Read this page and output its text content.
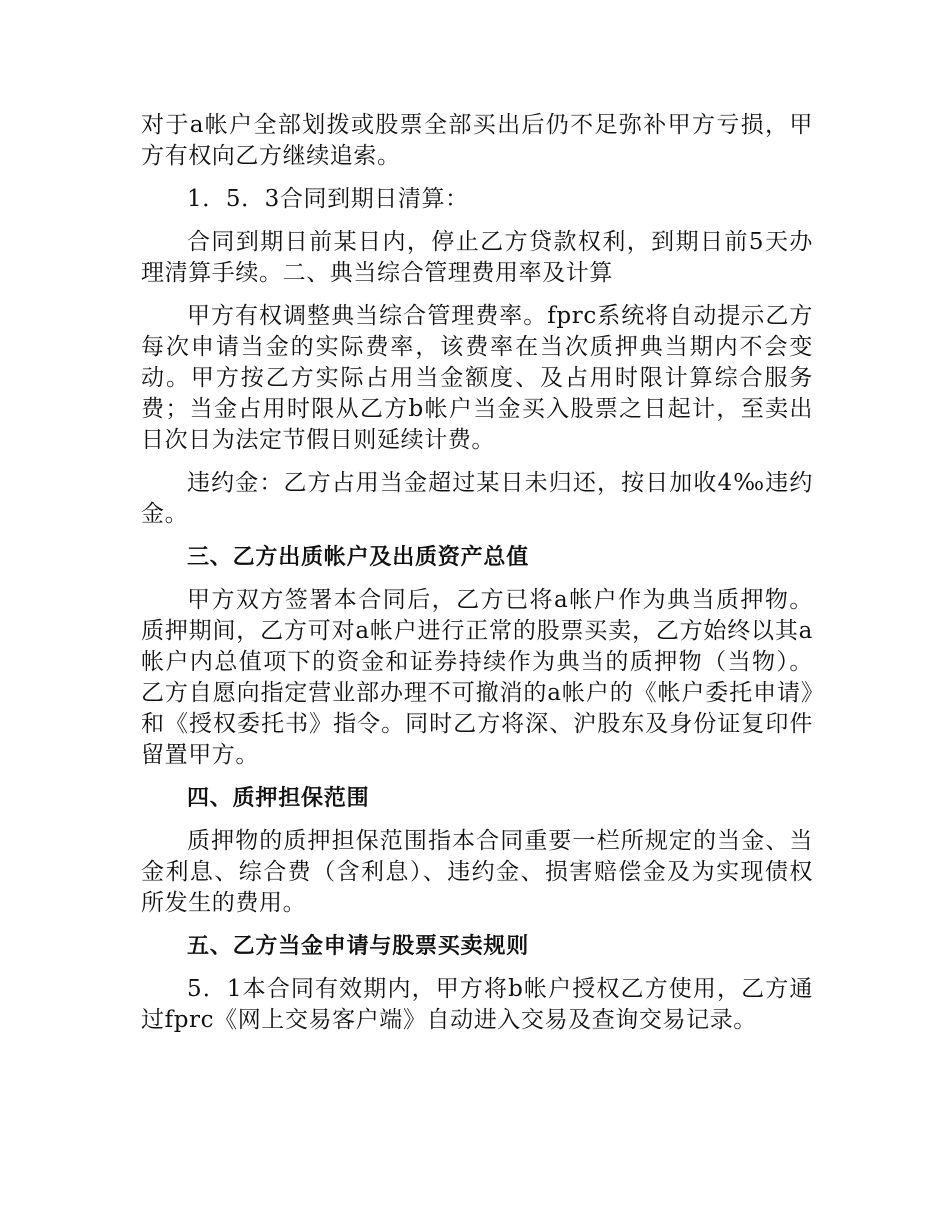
对于a帐户全部划拨或股票全部买出后仍不足弥补甲方亏损，甲方有权向乙方继续追索。

1．5．3合同到期日清算：

合同到期日前某日内，停止乙方贷款权利，到期日前5天办理清算手续。二、典当综合管理费用率及计算

甲方有权调整典当综合管理费率。fprc系统将自动提示乙方每次申请当金的实际费率，该费率在当次质押典当期内不会变动。甲方按乙方实际占用当金额度、及占用时限计算综合服务费；当金占用时限从乙方b帐户当金买入股票之日起计，至卖出日次日为法定节假日则延续计费。

违约金：乙方占用当金超过某日未归还，按日加收4‰违约金。

三、乙方出质帐户及出质资产总值

甲方双方签署本合同后，乙方已将a帐户作为典当质押物。质押期间，乙方可对a帐户进行正常的股票买卖，乙方始终以其a帐户内总值项下的资金和证券持续作为典当的质押物（当物）。乙方自愿向指定营业部办理不可撤消的a帐户的《帐户委托申请》和《授权委托书》指令。同时乙方将深、沪股东及身份证复印件留置甲方。

四、质押担保范围

质押物的质押担保范围指本合同重要一栏所规定的当金、当金利息、综合费（含利息）、违约金、损害赔偿金及为实现债权所发生的费用。

五、乙方当金申请与股票买卖规则

5．1本合同有效期内，甲方将b帐户授权乙方使用，乙方通过fprc《网上交易客户端》自动进入交易及查询交易记录。
